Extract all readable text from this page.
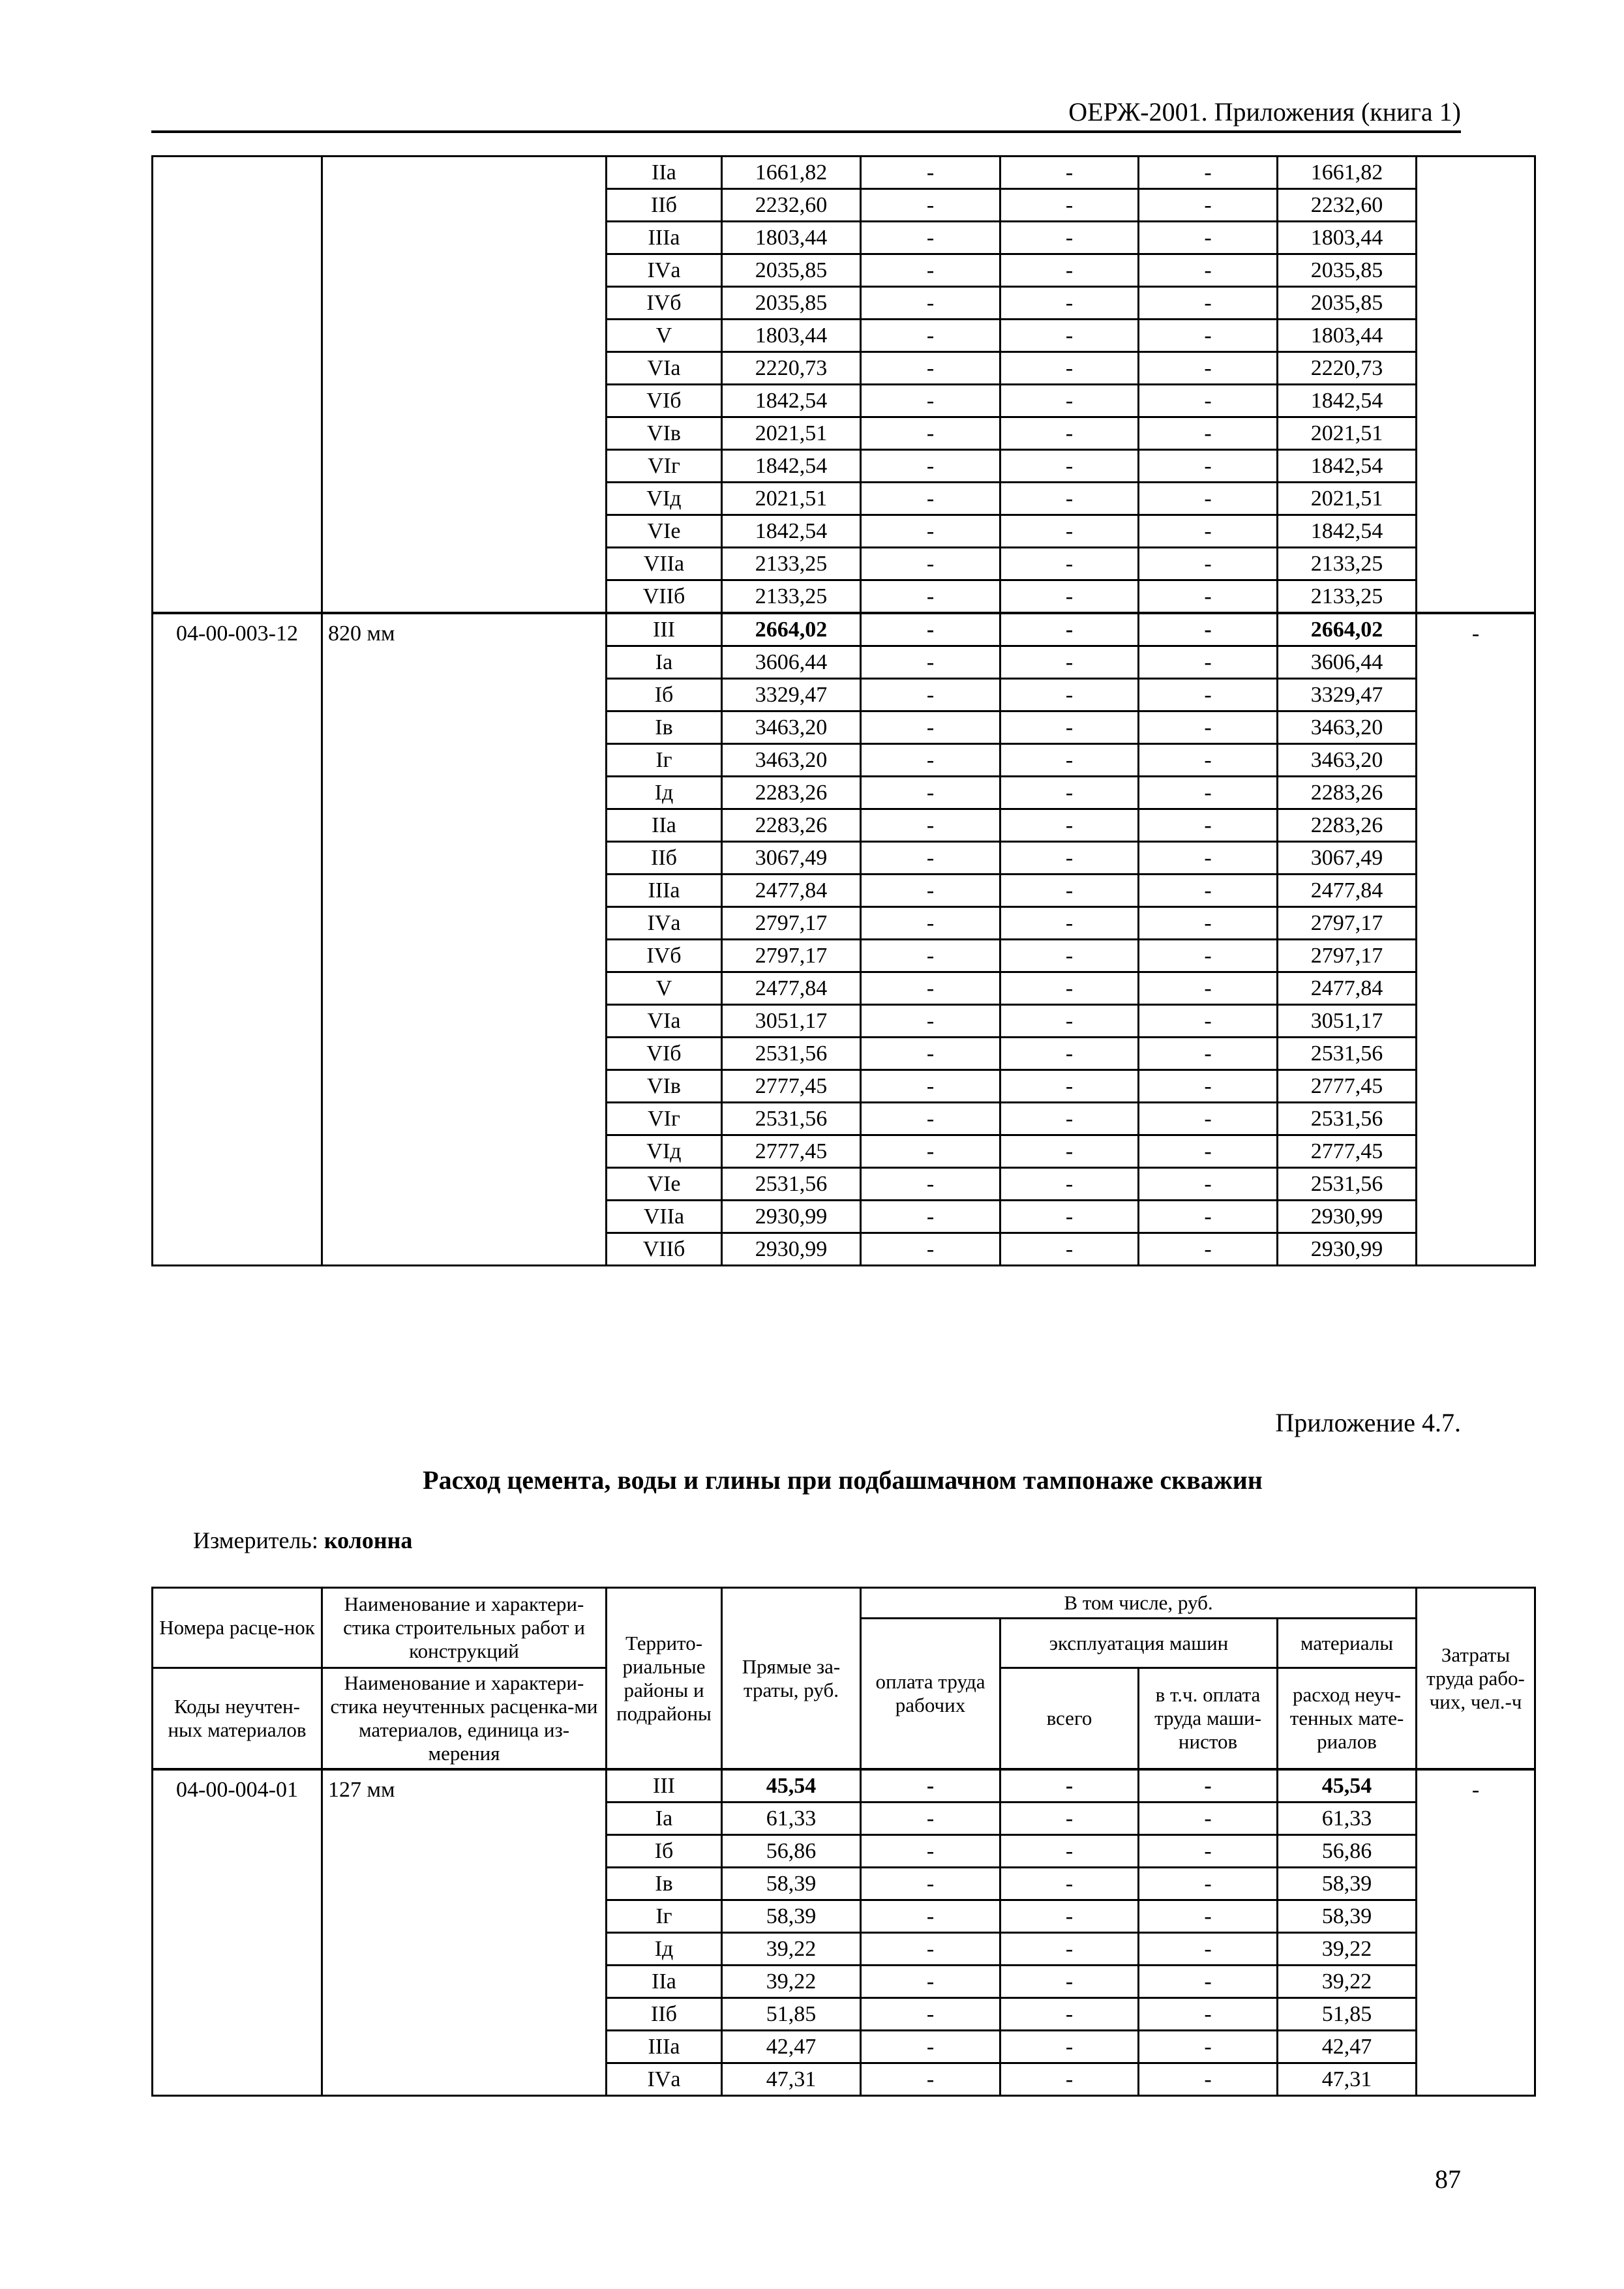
ОЕРЖ-2001. Приложения (книга 1)
		IIа	1661,82	-	-	-	1661,82	
		IIб	2232,60	-	-	-	2232,60	
		IIIа	1803,44	-	-	-	1803,44	
		IVа	2035,85	-	-	-	2035,85	
		IVб	2035,85	-	-	-	2035,85	
		V	1803,44	-	-	-	1803,44	
		VIа	2220,73	-	-	-	2220,73	
		VIб	1842,54	-	-	-	1842,54	
		VIв	2021,51	-	-	-	2021,51	
		VIг	1842,54	-	-	-	1842,54	
		VIд	2021,51	-	-	-	2021,51	
		VIе	1842,54	-	-	-	1842,54	
		VIIа	2133,25	-	-	-	2133,25	
		VIIб	2133,25	-	-	-	2133,25	
04-00-003-12	820 мм	III	2664,02	-	-	-	2664,02	-
		Iа	3606,44	-	-	-	3606,44	
		Iб	3329,47	-	-	-	3329,47	
		Iв	3463,20	-	-	-	3463,20	
		Iг	3463,20	-	-	-	3463,20	
		Iд	2283,26	-	-	-	2283,26	
		IIа	2283,26	-	-	-	2283,26	
		IIб	3067,49	-	-	-	3067,49	
		IIIа	2477,84	-	-	-	2477,84	
		IVа	2797,17	-	-	-	2797,17	
		IVб	2797,17	-	-	-	2797,17	
		V	2477,84	-	-	-	2477,84	
		VIа	3051,17	-	-	-	3051,17	
		VIб	2531,56	-	-	-	2531,56	
		VIв	2777,45	-	-	-	2777,45	
		VIг	2531,56	-	-	-	2531,56	
		VIд	2777,45	-	-	-	2777,45	
		VIе	2531,56	-	-	-	2531,56	
		VIIа	2930,99	-	-	-	2930,99	
		VIIб	2930,99	-	-	-	2930,99	
Приложение 4.7.
Расход цемента, воды и глины при подбашмачном тампонаже скважин
Измеритель: колонна
Номера расце-нок	Наименование и характери-стика строительных работ и конструкций	Террито-риальные районы и подрайоны	Прямые за-траты, руб.	В том числе, руб.				Затраты труда рабо-чих, чел.-ч
				оплата труда рабочих	эксплуатация машин		материалы	
Коды неучтен-ных материалов	Наименование и характери-стика неучтенных расценка-ми материалов, единица из-мерения				всего	в т.ч. оплата труда маши-нистов	расход неуч-тенных мате-риалов	

04-00-004-01	127 мм	III	45,54	-	-	-	45,54	-
		Iа	61,33	-	-	-	61,33	
		Iб	56,86	-	-	-	56,86	
		Iв	58,39	-	-	-	58,39	
		Iг	58,39	-	-	-	58,39	
		Iд	39,22	-	-	-	39,22	
		IIа	39,22	-	-	-	39,22	
		IIб	51,85	-	-	-	51,85	
		IIIа	42,47	-	-	-	42,47	
		IVа	47,31	-	-	-	47,31	
87
